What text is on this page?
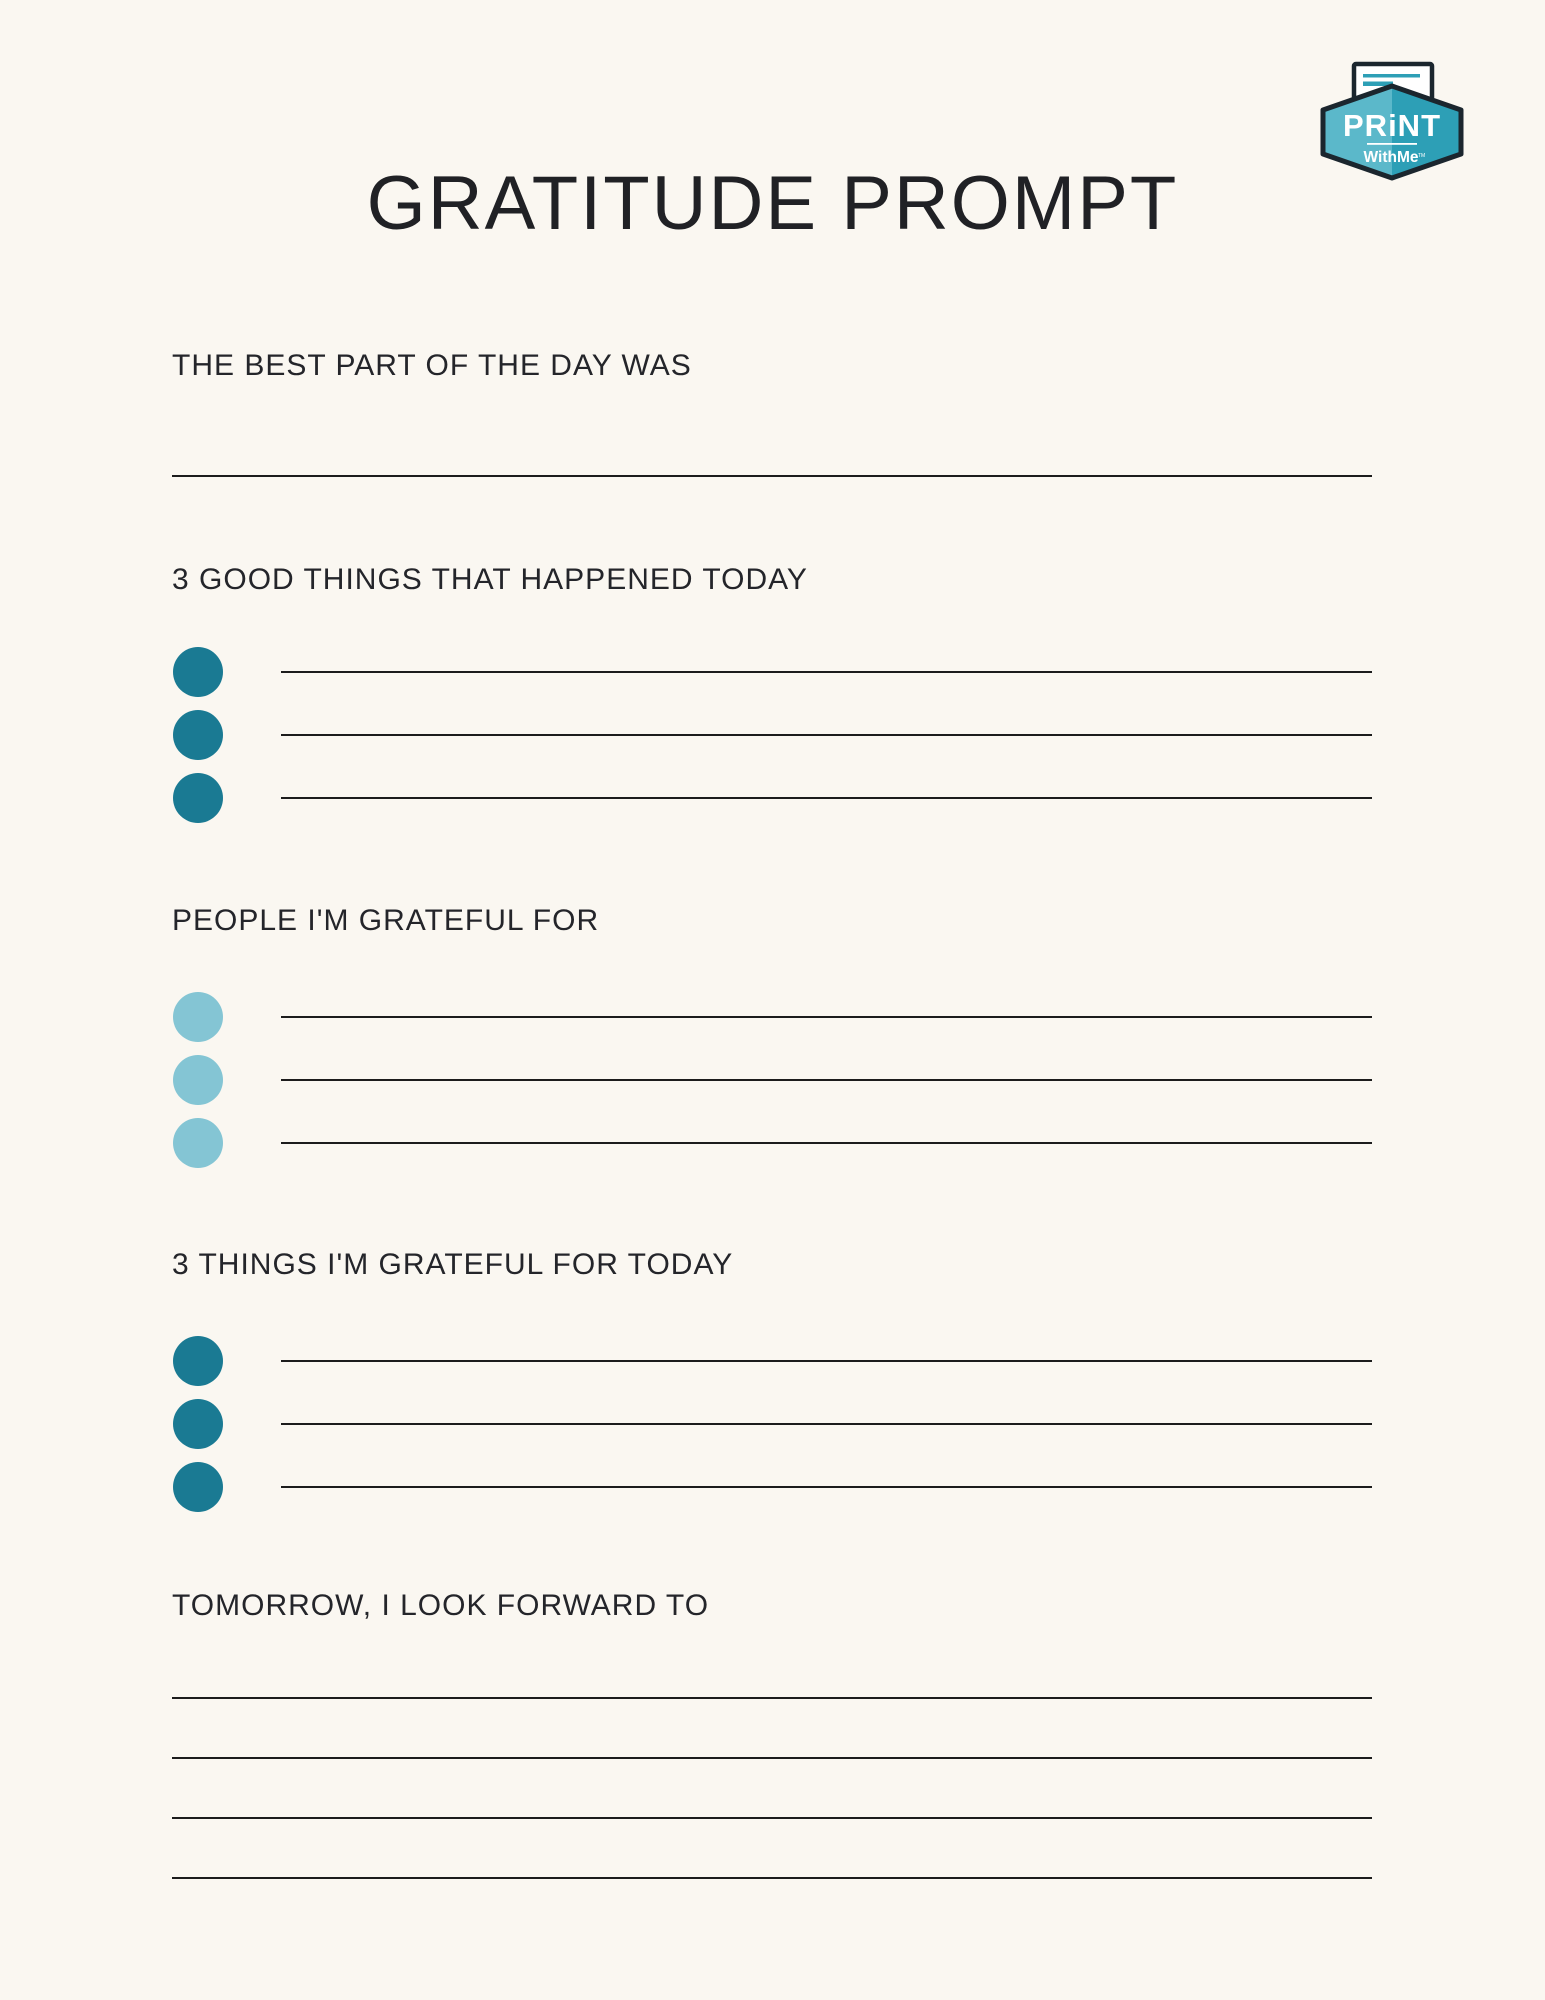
PRiNT
WithMe TM
GRATITUDE PROMPT
THE BEST PART OF THE DAY WAS
3 GOOD THINGS THAT HAPPENED TODAY
PEOPLE I'M GRATEFUL FOR
3 THINGS I'M GRATEFUL FOR TODAY
TOMORROW, I LOOK FORWARD TO
